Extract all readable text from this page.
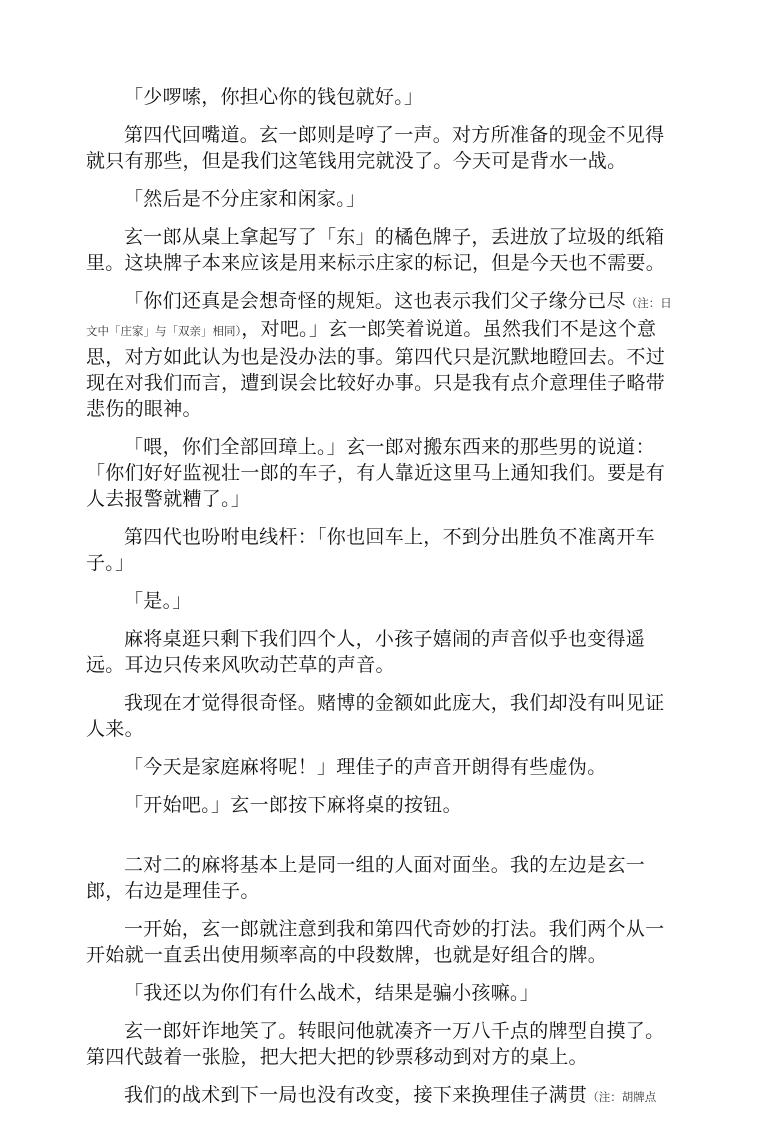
「少啰嗦，你担心你的钱包就好。」

第四代回嘴道。玄一郎则是哼了一声。对方所准备的现金不见得就只有那些，但是我们这笔钱用完就没了。今天可是背水一战。

「然后是不分庄家和闲家。」

玄一郎从桌上拿起写了「东」的橘色牌子，丢进放了垃圾的纸箱里。这块牌子本来应该是用来标示庄家的标记，但是今天也不需要。

「你们还真是会想奇怪的规矩。这也表示我们父子缘分已尽（注：日文中「庄家」与「双亲」相同），对吧。」玄一郎笑着说道。虽然我们不是这个意思，对方如此认为也是没办法的事。第四代只是沉默地瞪回去。不过现在对我们而言，遭到误会比较好办事。只是我有点介意理佳子略带悲伤的眼神。

「喂，你们全部回璋上。」玄一郎对搬东西来的那些男的说道：「你们好好监视壮一郎的车子，有人靠近这里马上通知我们。要是有人去报警就糟了。」

第四代也吩咐电线杆：「你也回车上，不到分出胜负不准离开车子。」

「是。」

麻将桌逛只剩下我们四个人，小孩子嬉闹的声音似乎也变得遥远。耳边只传来风吹动芒草的声音。

我现在才觉得很奇怪。赌博的金额如此庞大，我们却没有叫见证人来。

「今天是家庭麻将呢！」理佳子的声音开朗得有些虚伪。

「开始吧。」玄一郎按下麻将桌的按钮。

二对二的麻将基本上是同一组的人面对面坐。我的左边是玄一郎，右边是理佳子。

一开始，玄一郎就注意到我和第四代奇妙的打法。我们两个从一开始就一直丢出使用频率高的中段数牌，也就是好组合的牌。

「我还以为你们有什么战术，结果是骗小孩嘛。」

玄一郎奸诈地笑了。转眼问他就凑齐一万八千点的牌型自摸了。第四代鼓着一张脸，把大把大把的钞票移动到对方的桌上。

我们的战术到下一局也没有改变，接下来换理佳子满贯（注：胡牌点
